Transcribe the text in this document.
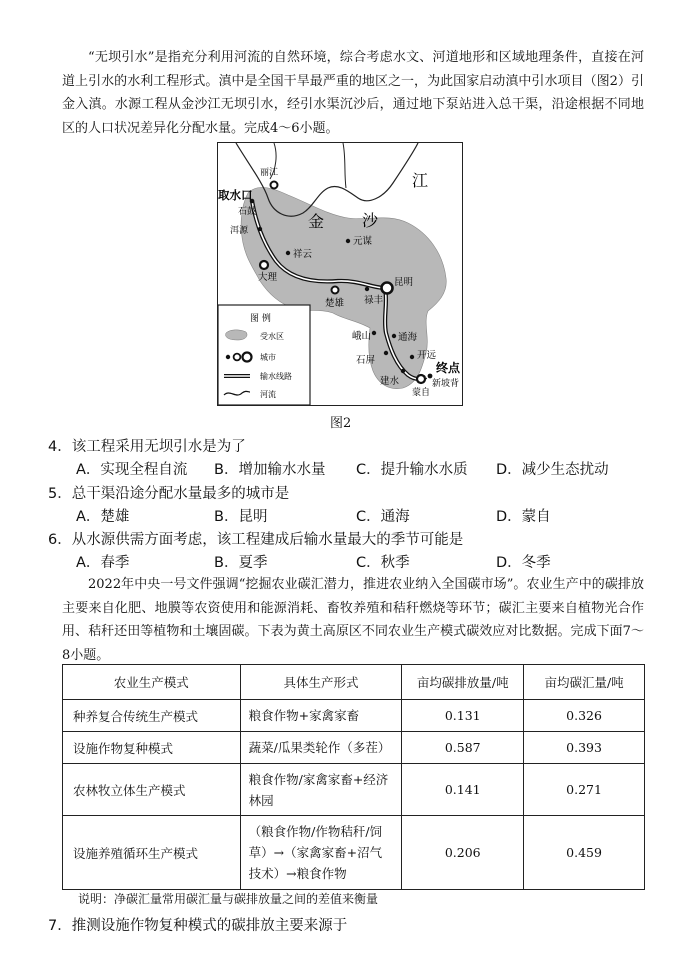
“无坝引水”是指充分利用河流的自然环境，综合考虑水文、河道地形和区域地理条件，直接在河道上引水的水利工程形式。滇中是全国干旱最严重的地区之一，为此国家启动滇中引水项目（图2）引金入滇。水源工程从金沙江无坝引水，经引水渠沉沙后，通过地下泵站进入总干渠，沿途根据不同地区的人口状况差异化分配水量。完成4～6小题。
丽江
取水口
石鼓
洱源
大理
祥云
元谋
昆明
楚雄 禄丰
峨山	通海
石屏	开远
建水
蒙自
新坡背
终点
金 沙
江
图 例
受水区
城市
输水线路
河流
图2
4．该工程采用无坝引水是为了
A．实现全程自流 B．增加输水水量 C．提升输水水质 D．减少生态扰动
5．总干渠沿途分配水量最多的城市是
A．楚雄	B．昆明	C．通海	D．蒙自
6．从水源供需方面考虑，该工程建成后输水量最大的季节可能是
A．春季	B．夏季	C．秋季	D．冬季
2022年中央一号文件强调“挖掘农业碳汇潜力，推进农业纳入全国碳市场”。农业生产中的碳排放主要来自化肥、地膜等农资使用和能源消耗、畜牧养殖和秸秆燃烧等环节；碳汇主要来自植物光合作用、秸秆还田等植物和土壤固碳。下表为黄土高原区不同农业生产模式碳效应对比数据。完成下面7～8小题。
农业生产模式	具体生产形式	亩均碳排放量/吨	亩均碳汇量/吨
种养复合传统生产模式	粮食作物+家禽家畜	0.131	0.326
设施作物复种模式	蔬菜/瓜果类轮作（多茬）	0.587	0.393
农林牧立体生产模式	粮食作物/家禽家畜+经济林园	0.141	0.271
设施养殖循环生产模式	（粮食作物/作物秸秆/饲草）→（家禽家畜+沼气技术）→粮食作物	0.206	0.459
说明：净碳汇量常用碳汇量与碳排放量之间的差值来衡量
7．推测设施作物复种模式的碳排放主要来源于
